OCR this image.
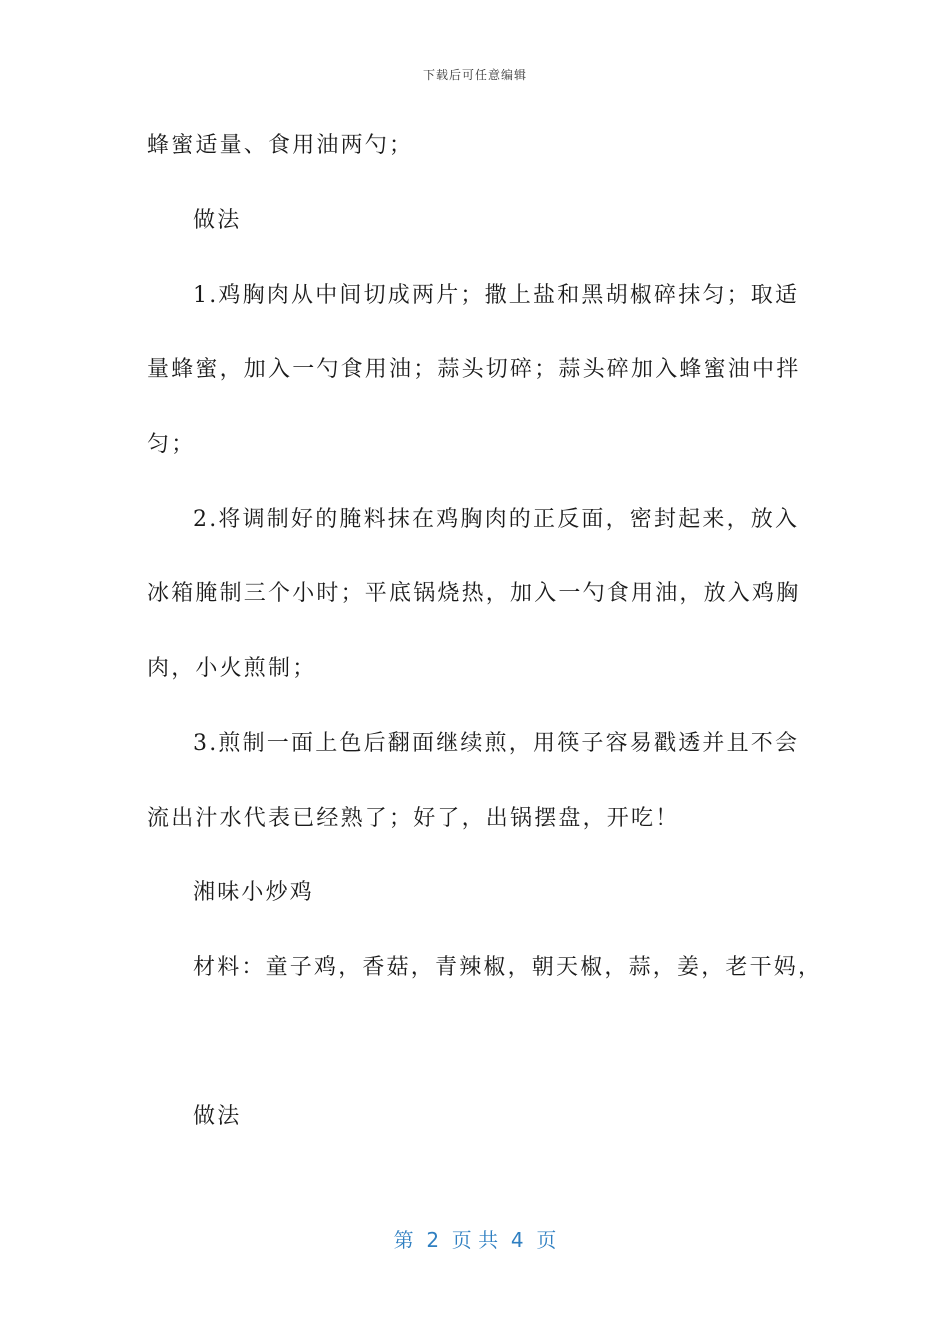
下载后可任意编辑
蜂蜜适量、食用油两勺；
做法
1.鸡胸肉从中间切成两片；撒上盐和黑胡椒碎抹匀；取适
量蜂蜜，加入一勺食用油；蒜头切碎；蒜头碎加入蜂蜜油中拌
匀；
2.将调制好的腌料抹在鸡胸肉的正反面，密封起来，放入
冰箱腌制三个小时；平底锅烧热，加入一勺食用油，放入鸡胸
肉，小火煎制；
3.煎制一面上色后翻面继续煎，用筷子容易戳透并且不会
流出汁水代表已经熟了；好了，出锅摆盘，开吃！
湘味小炒鸡
材料：童子鸡，香菇，青辣椒，朝天椒，蒜，姜，老干妈，
做法
第  2  页 共  4  页
